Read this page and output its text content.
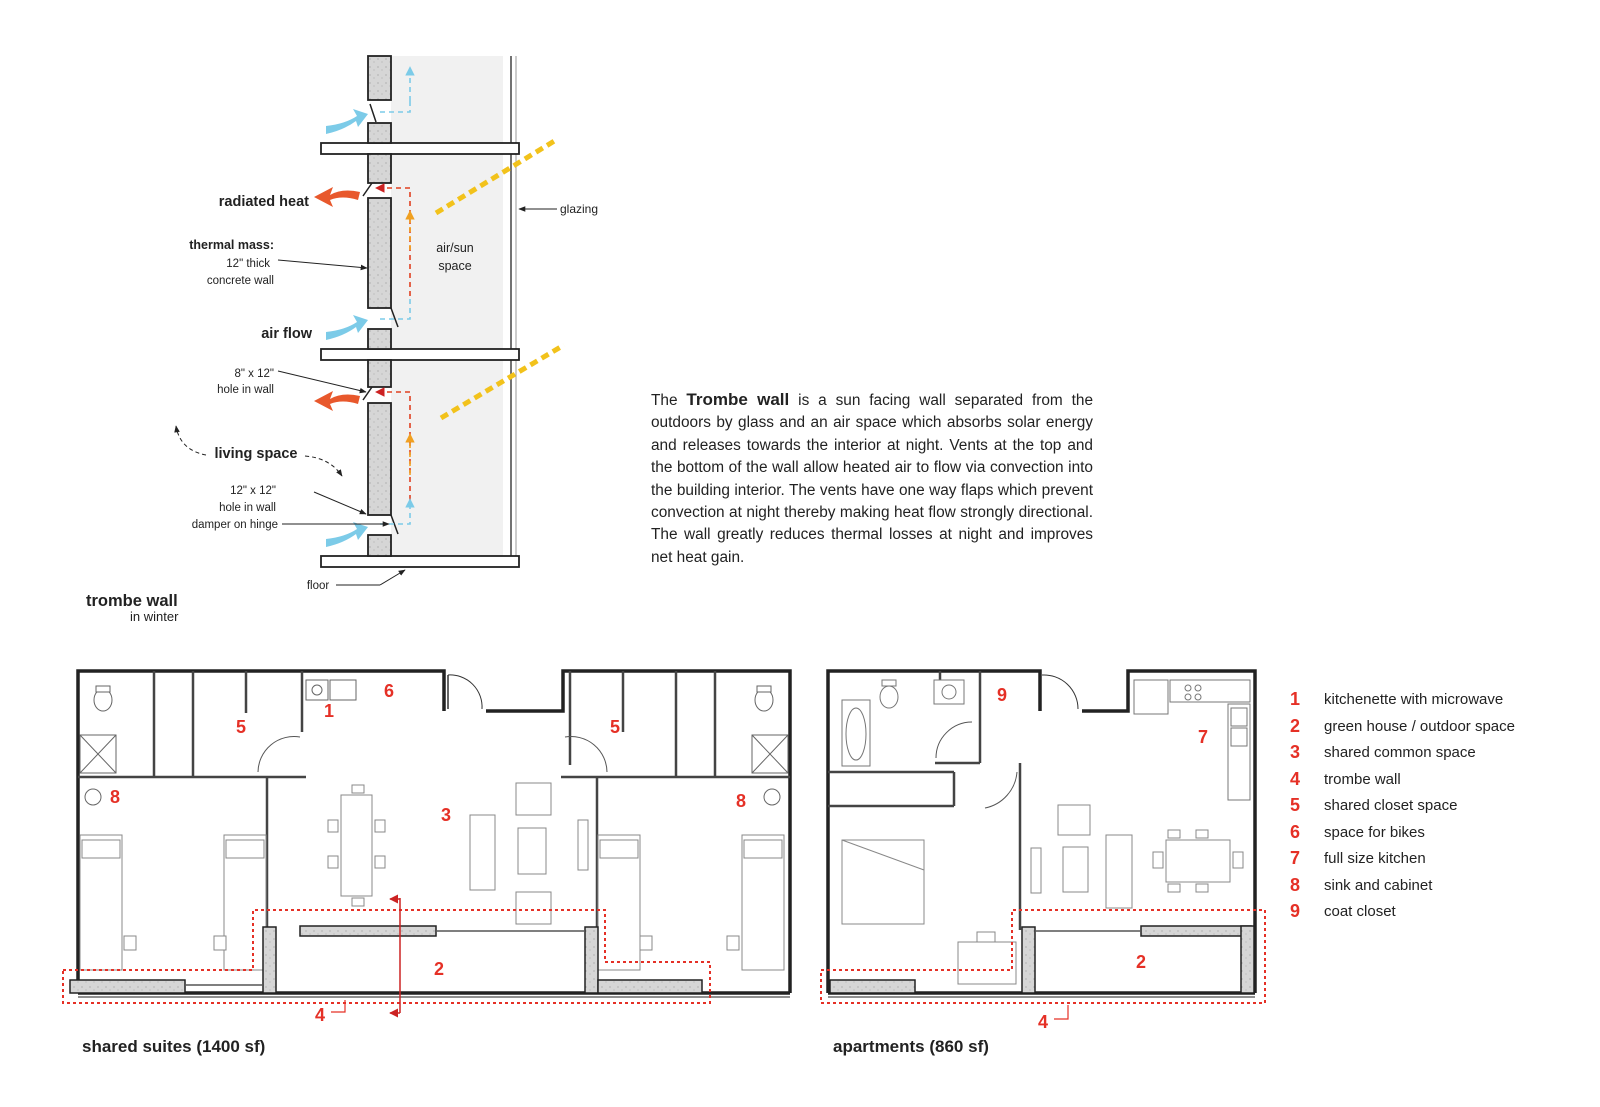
radiated heat
thermal mass:
12" thick
concrete wall
air flow
8" x 12"
hole in wall
living space
12" x 12"
hole in wall
damper on hinge
floor
glazing
air/sun
space
trombe wall
in winter
1
2
3
4
5	5
6
8	8
shared suites (1400 sf)
2
4
7
9
apartments (860 sf)
The Trombe wall is a sun facing wall separated from the outdoors by glass and an air space which absorbs solar energy and releases towards the interior at night. Vents at the top and the bottom of the wall allow heated air to flow via convection into the building interior. The vents have one way flaps which prevent convection at night thereby making heat flow strongly directional. The wall greatly reduces thermal losses at night and improves net heat gain.
1 kitchenette with microwave
2 green house / outdoor space
3 shared common space
4 trombe wall
5 shared closet space
6 space for bikes
7 full size kitchen
8 sink and cabinet
9 coat closet
